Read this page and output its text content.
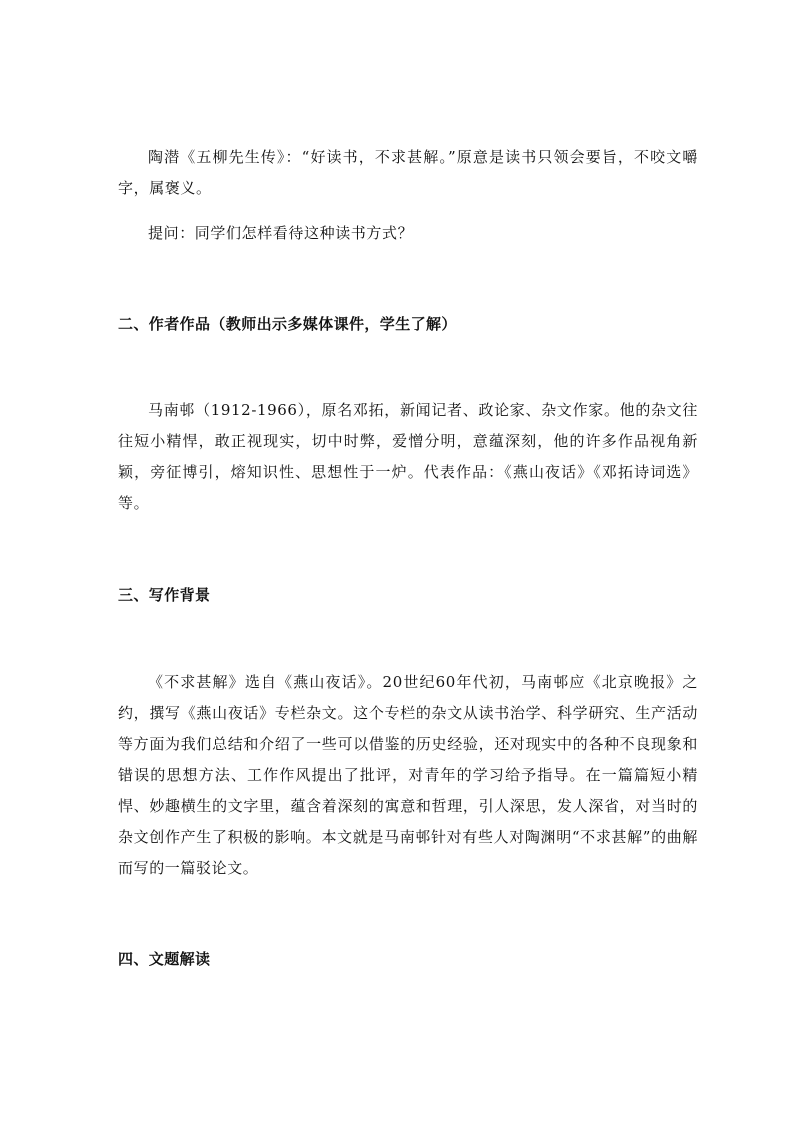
陶潜《五柳先生传》：“好读书，不求甚解。”原意是读书只领会要旨，不咬文嚼字，属褒义。

提问：同学们怎样看待这种读书方式？

二、作者作品（教师出示多媒体课件，学生了解）

马南邨（1912-1966），原名邓拓，新闻记者、政论家、杂文作家。他的杂文往往短小精悍，敢正视现实，切中时弊，爱憎分明，意蕴深刻，他的许多作品视角新颖，旁征博引，熔知识性、思想性于一炉。代表作品：《燕山夜话》《邓拓诗词选》等。

三、写作背景

《不求甚解》选自《燕山夜话》。20世纪60年代初，马南邨应《北京晚报》之约，撰写《燕山夜话》专栏杂文。这个专栏的杂文从读书治学、科学研究、生产活动等方面为我们总结和介绍了一些可以借鉴的历史经验，还对现实中的各种不良现象和错误的思想方法、工作作风提出了批评，对青年的学习给予指导。在一篇篇短小精悍、妙趣横生的文字里，蕴含着深刻的寓意和哲理，引人深思，发人深省，对当时的杂文创作产生了积极的影响。本文就是马南邨针对有些人对陶渊明“不求甚解”的曲解而写的一篇驳论文。

四、文题解读
